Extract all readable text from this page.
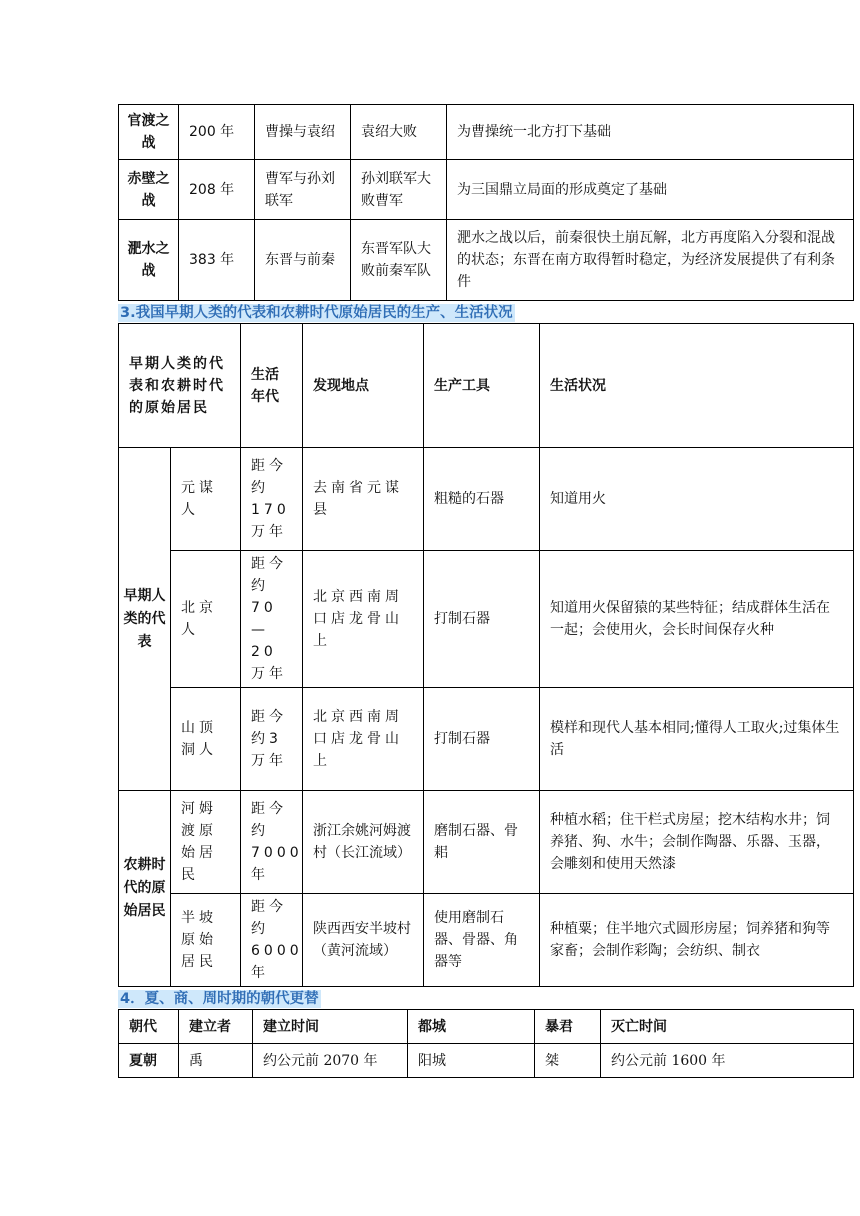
官渡之战	200 年	曹操与袁绍	袁绍大败	为曹操统一北方打下基础
赤壁之战	208 年	曹军与孙刘联军	孙刘联军大败曹军	为三国鼎立局面的形成奠定了基础
淝水之战	383 年	东晋与前秦	东晋军队大败前秦军队	淝水之战以后，前秦很快土崩瓦解，北方再度陷入分裂和混战的状态；东晋在南方取得暂时稳定，为经济发展提供了有利条件
3.我国早期人类的代表和农耕时代原始居民的生产、生活状况
早期人类的代表和农耕时代的原始居民		生活年代	发现地点	生产工具	生活状况
早期人类的代表	元谋人	距今约170万年	去南省元谋县	粗糙的石器	知道用火
	北京人	距今约70—20万年	北京西南周口店龙骨山上	打制石器	知道用火保留猿的某些特征；结成群体生活在一起；会使用火，会长时间保存火种
	山顶洞人	距今约3万年	北京西南周口店龙骨山上	打制石器	模样和现代人基本相同;懂得人工取火;过集体生活
农耕时代的原始居民	河姆渡原始居民	距今约7000年	浙江余姚河姆渡村（长江流域）	磨制石器、骨耜	种植水稻；住干栏式房屋；挖木结构水井；饲养猪、狗、水牛；会制作陶器、乐器、玉器，会雕刻和使用天然漆
	半坡原始居民	距今约6000年	陕西西安半坡村（黄河流域）	使用磨制石器、骨器、角器等	种植粟；住半地穴式圆形房屋；饲养猪和狗等家畜；会制作彩陶；会纺织、制衣
4．夏、商、周时期的朝代更替
朝代	建立者	建立时间	都城	暴君	灭亡时间
夏朝	禹	约公元前 2070 年	阳城	桀	约公元前 1600 年
